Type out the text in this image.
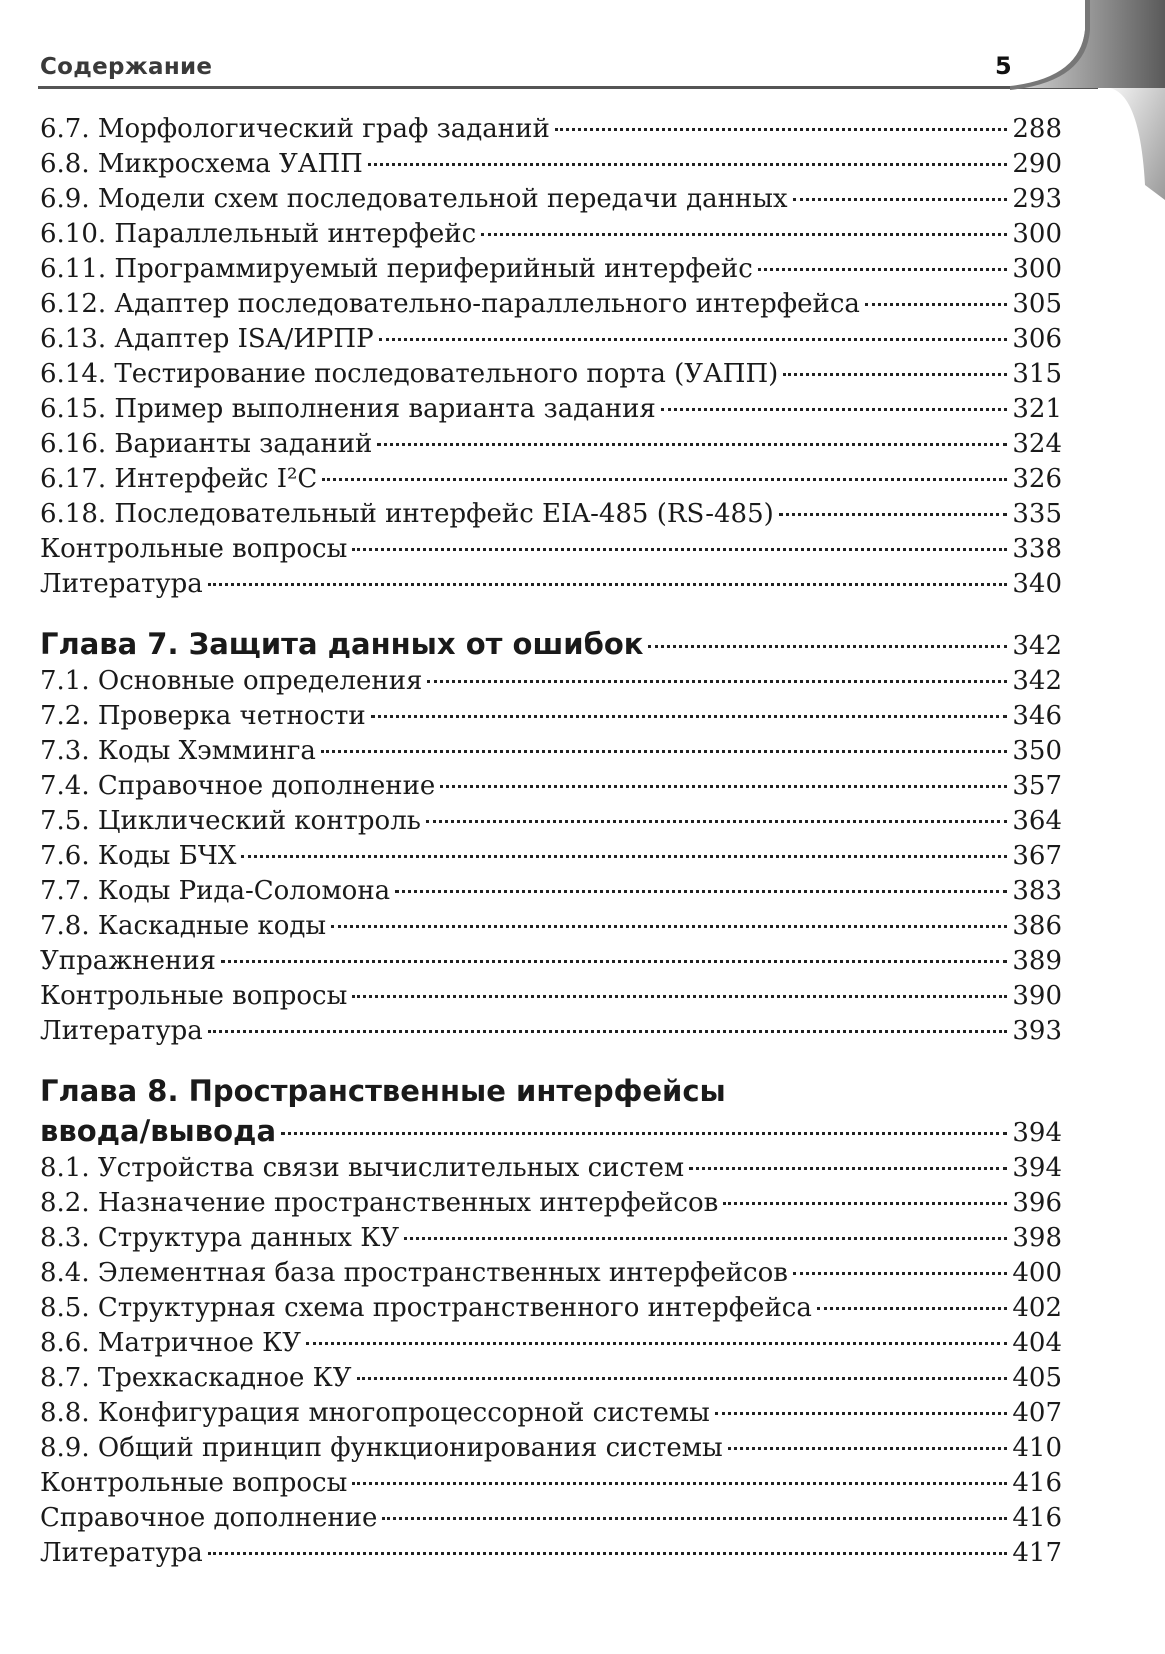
Содержание	5
6.7. Морфологический граф заданий	288
6.8. Микросхема УАПП	290
6.9. Модели схем последовательной передачи данных	293
6.10. Параллельный интерфейс	300
6.11. Программируемый периферийный интерфейс	300
6.12. Адаптер последовательно-параллельного интерфейса	305
6.13. Адаптер ISA/ИРПР	306
6.14. Тестирование последовательного порта (УАПП)	315
6.15. Пример выполнения варианта задания	321
6.16. Варианты заданий	324
6.17. Интерфейс I²C	326
6.18. Последовательный интерфейс EIA-485 (RS-485)	335
Контрольные вопросы	338
Литература	340
Глава 7. Защита данных от ошибок	342
7.1. Основные определения	342
7.2. Проверка четности	346
7.3. Коды Хэмминга	350
7.4. Справочное дополнение	357
7.5. Циклический контроль	364
7.6. Коды БЧХ	367
7.7. Коды Рида-Соломона	383
7.8. Каскадные коды	386
Упражнения	389
Контрольные вопросы	390
Литература	393
Глава 8. Пространственные интерфейсы
ввода/вывода	394
8.1. Устройства связи вычислительных систем	394
8.2. Назначение пространственных интерфейсов	396
8.3. Структура данных КУ	398
8.4. Элементная база пространственных интерфейсов	400
8.5. Структурная схема пространственного интерфейса	402
8.6. Матричное КУ	404
8.7. Трехкаскадное КУ	405
8.8. Конфигурация многопроцессорной системы	407
8.9. Общий принцип функционирования системы	410
Контрольные вопросы	416
Справочное дополнение	416
Литература	417
